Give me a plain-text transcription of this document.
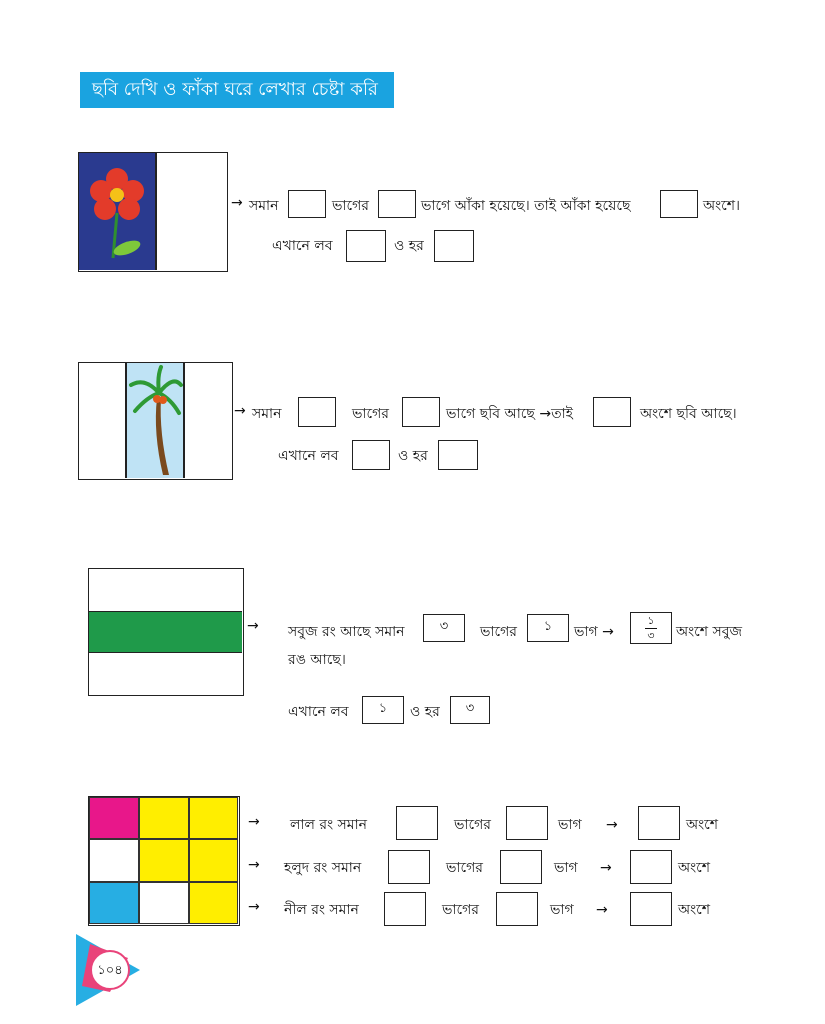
ছবি দেখি ও ফাঁকা ঘরে লেখার চেষ্টা করি
→ সমান	ভাগের	ভাগে আঁকা হয়েছে। তাই আঁকা হয়েছে	অংশে।
এখানে লব	ও হর
→ সমান	ভাগের	ভাগে ছবি আছে →তাই	অংশে ছবি আছে।
এখানে লব	ও হর
→ সবুজ রং আছে সমান	৩	ভাগের	১	ভাগ →
১
৩ অংশে সবুজ
রঙ আছে।
এখানে লব	১	ও হর	৩
→ লাল রং সমান	ভাগের	ভাগ →	অংশে
→ হলুদ রং সমান	ভাগের	ভাগ →	অংশে
→ নীল রং সমান	ভাগের	ভাগ →	অংশে
১০৪
